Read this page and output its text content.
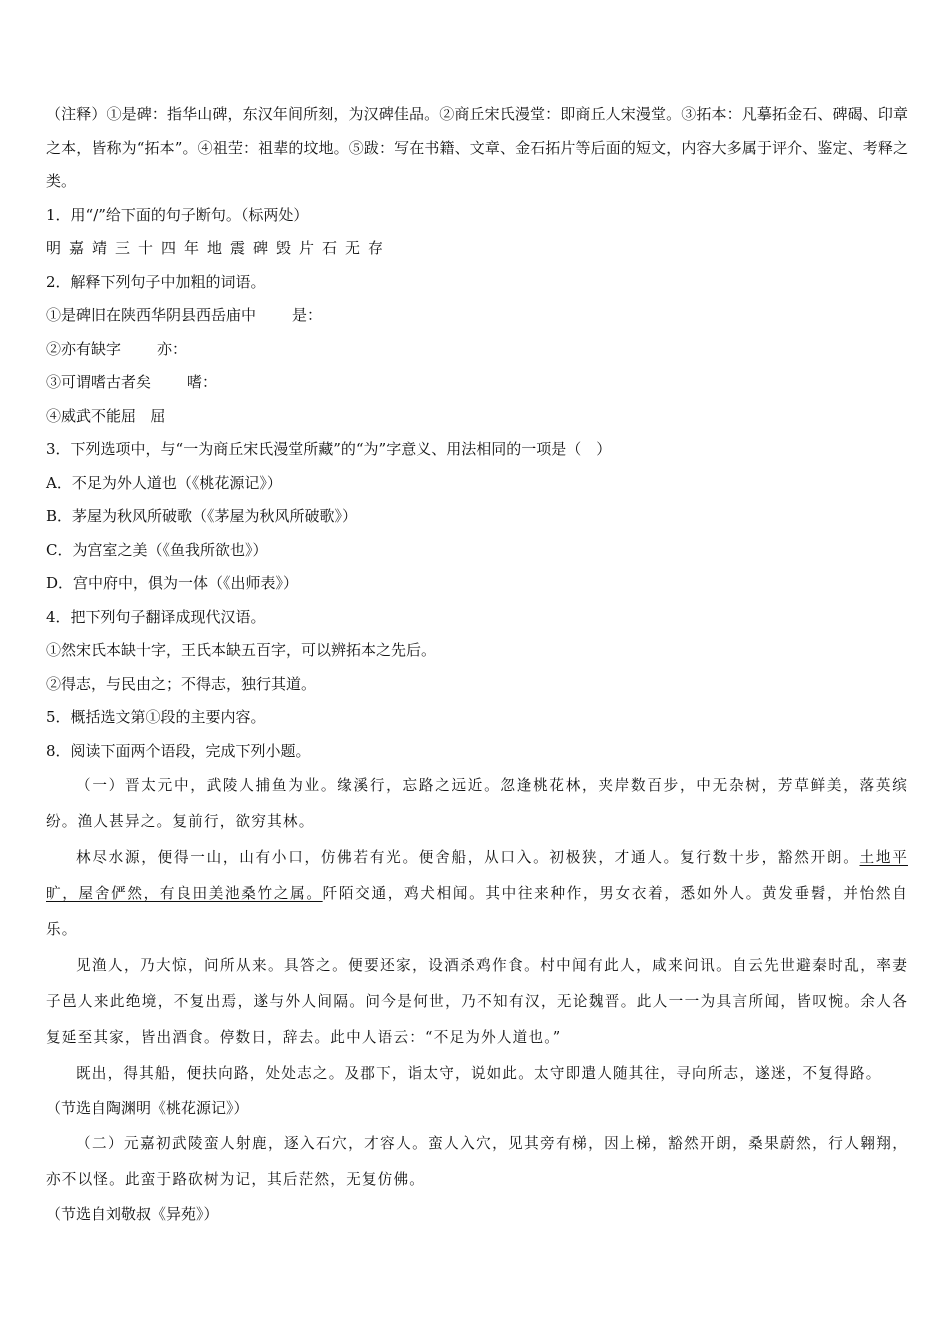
（注释）①是碑：指华山碑，东汉年间所刻，为汉碑佳品。②商丘宋氏漫堂：即商丘人宋漫堂。③拓本：凡摹拓金石、碑碣、印章之本，皆称为“拓本”。④祖茔：祖辈的坟地。⑤跋：写在书籍、文章、金石拓片等后面的短文，内容大多属于评介、鉴定、考释之类。
1．用“/”给下面的句子断句。（标两处）
明嘉靖三十四年地震碑毁片石无存
2．解释下列句子中加粗的词语。
①是碑旧在陕西华阴县西岳庙中 是：
②亦有缺字 亦：
③可谓嗜古者矣 嗜：
④威武不能屈 屈
3．下列选项中，与“一为商丘宋氏漫堂所藏”的“为”字意义、用法相同的一项是（　）
A．不足为外人道也（《桃花源记》）
B．茅屋为秋风所破歌（《茅屋为秋风所破歌》）
C．为宫室之美（《鱼我所欲也》）
D．宫中府中，俱为一体（《出师表》）
4．把下列句子翻译成现代汉语。
①然宋氏本缺十字，王氏本缺五百字，可以辨拓本之先后。
②得志，与民由之；不得志，独行其道。
5．概括选文第①段的主要内容。
8．阅读下面两个语段，完成下列小题。
（一）晋太元中，武陵人捕鱼为业。缘溪行，忘路之远近。忽逢桃花林，夹岸数百步，中无杂树，芳草鲜美，落英缤纷。渔人甚异之。复前行，欲穷其林。
林尽水源，便得一山，山有小口，仿佛若有光。便舍船，从口入。初极狭，才通人。复行数十步，豁然开朗。土地平旷，屋舍俨然，有良田美池桑竹之属。阡陌交通，鸡犬相闻。其中往来种作，男女衣着，悉如外人。黄发垂髫，并怡然自乐。
见渔人，乃大惊，问所从来。具答之。便要还家，设酒杀鸡作食。村中闻有此人，咸来问讯。自云先世避秦时乱，率妻子邑人来此绝境，不复出焉，遂与外人间隔。问今是何世，乃不知有汉，无论魏晋。此人一一为具言所闻，皆叹惋。余人各复延至其家，皆出酒食。停数日，辞去。此中人语云：“不足为外人道也。”
既出，得其船，便扶向路，处处志之。及郡下，诣太守，说如此。太守即遣人随其往，寻向所志，遂迷，不复得路。
（节选自陶渊明《桃花源记》）
（二）元嘉初武陵蛮人射鹿，逐入石穴，才容人。蛮人入穴，见其旁有梯，因上梯，豁然开朗，桑果蔚然，行人翱翔，亦不以怪。此蛮于路砍树为记，其后茫然，无复仿佛。
（节选自刘敬叔《异苑》）
